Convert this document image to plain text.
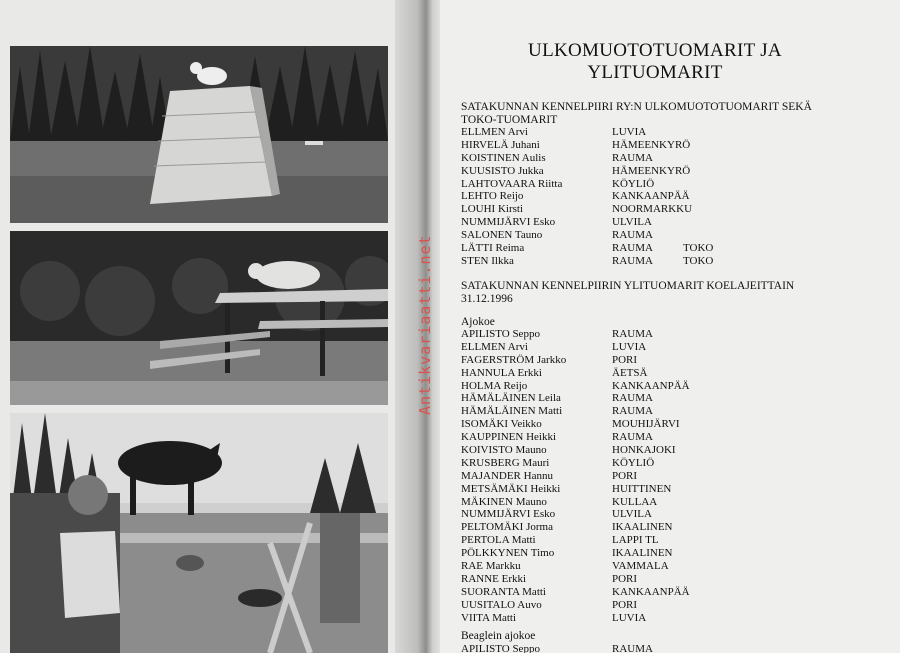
Antikvariaatti.net
ULKOMUOTOTUOMARIT JA
YLITUOMARIT
SATAKUNNAN KENNELPIIRI RY:N ULKOMUOTOTUOMARIT SEKÄ
TOKO-TUOMARIT
ELLMEN Arvi	LUVIA
HIRVELÄ Juhani	HÄMEENKYRÖ
KOISTINEN Aulis	RAUMA
KUUSISTO Jukka	HÄMEENKYRÖ
LAHTOVAARA Riitta	KÖYLIÖ
LEHTO Reijo	KANKAANPÄÄ
LOUHI Kirsti	NOORMARKKU
NUMMIJÄRVI Esko	ULVILA
SALONEN Tauno	RAUMA
LÄTTI Reima	RAUMA	TOKO
STEN Ilkka	RAUMA	TOKO
SATAKUNNAN KENNELPIIRIN YLITUOMARIT KOELAJEITTAIN
31.12.1996
Ajokoe
APILISTO Seppo	RAUMA
ELLMEN Arvi	LUVIA
FAGERSTRÖM Jarkko	PORI
HANNULA Erkki	ÄETSÄ
HOLMA Reijo	KANKAANPÄÄ
HÄMÄLÄINEN Leila	RAUMA
HÄMÄLÄINEN Matti	RAUMA
ISOMÄKI Veikko	MOUHIJÄRVI
KAUPPINEN Heikki	RAUMA
KOIVISTO Mauno	HONKAJOKI
KRUSBERG Mauri	KÖYLIÖ
MAJANDER Hannu	PORI
METSÄMÄKI Heikki	HUITTINEN
MÄKINEN Mauno	KULLAA
NUMMIJÄRVI Esko	ULVILA
PELTOMÄKI Jorma	IKAALINEN
PERTOLA Matti	LAPPI TL
PÖLKKYNEN Timo	IKAALINEN
RAE Markku	VAMMALA
RANNE Erkki	PORI
SUORANTA Matti	KANKAANPÄÄ
UUSITALO Auvo	PORI
VIITA Matti	LUVIA
Beaglein ajokoe
APILISTO Seppo	RAUMA
